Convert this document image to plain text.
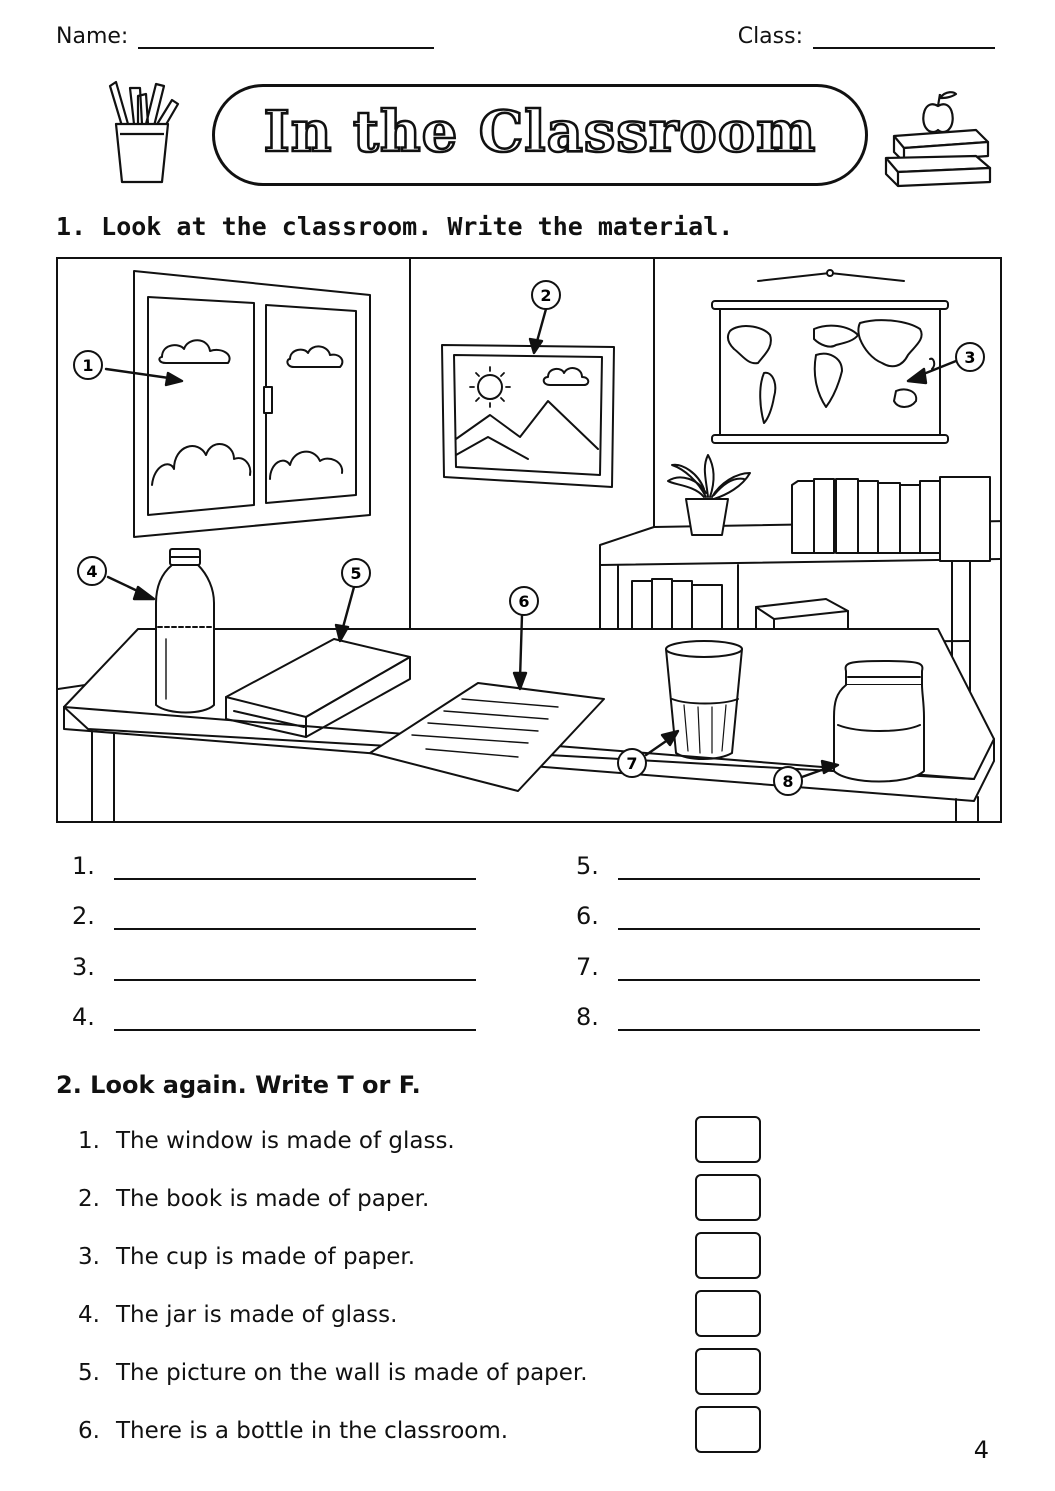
Name:	Class:
In the Classroom
1. Look at the classroom. Write the material.
1
2
3
4	5
6
7
8
1.
2.
3.
4.
5.
6.
7.
8.
2. Look again. Write T or F.
1. The window is made of glass.
2. The book is made of paper.
3. The cup is made of paper.
4. The jar is made of glass.
5. The picture on the wall is made of paper.
6. There is a bottle in the classroom.
4
